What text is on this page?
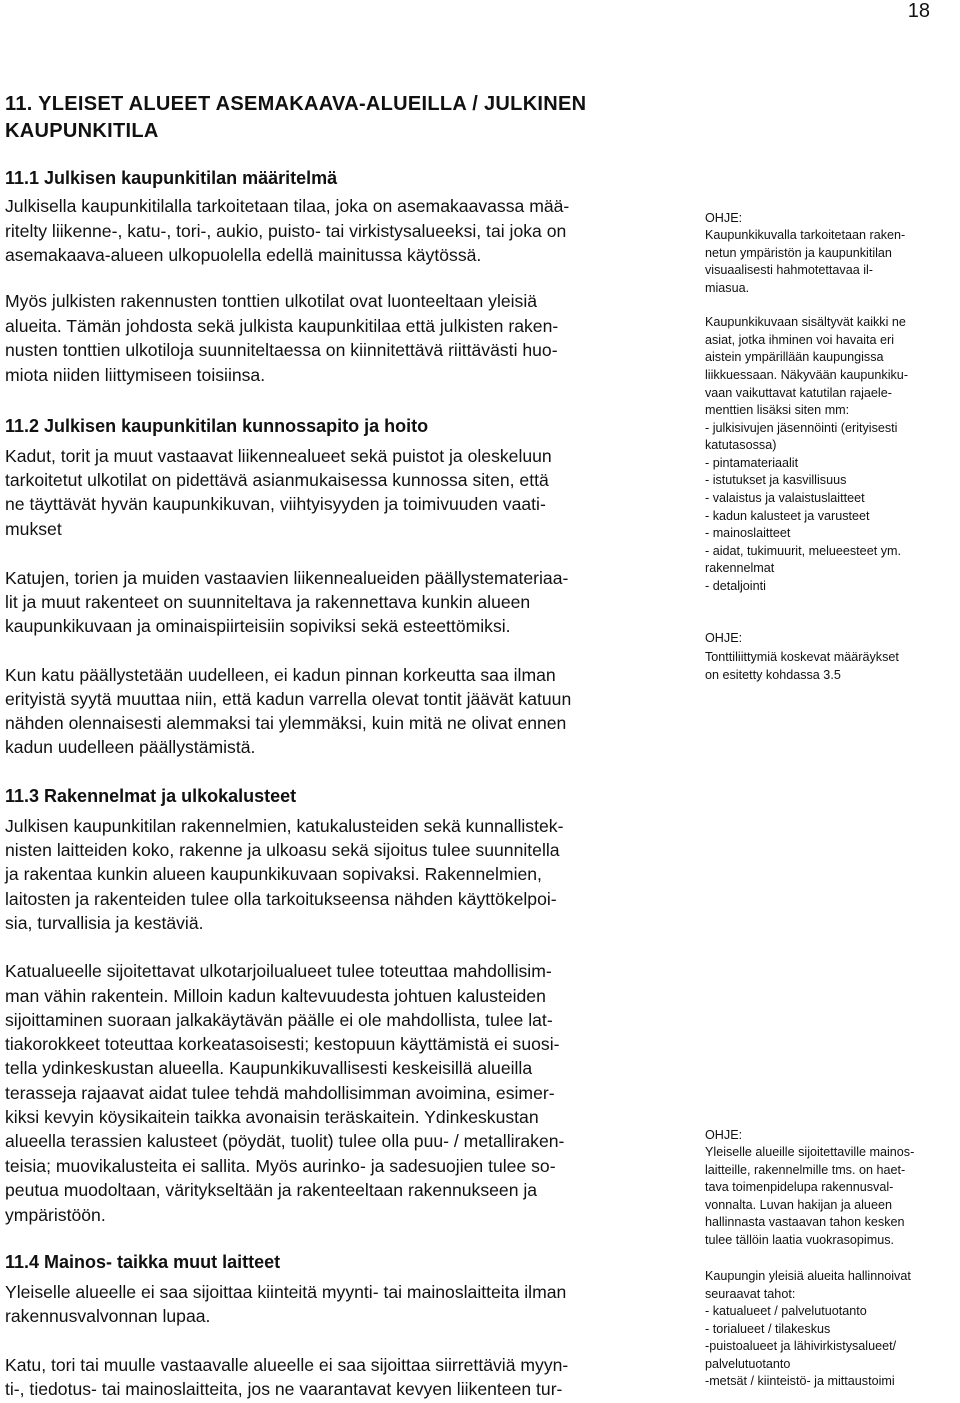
18
11. YLEISET ALUEET ASEMAKAAVA-ALUEILLA / JULKINEN
KAUPUNKITILA
11.1 Julkisen kaupunkitilan määritelmä
Julkisella kaupunkitilalla tarkoitetaan tilaa, joka on asemakaavassa mää-
ritelty liikenne-, katu-, tori-, aukio, puisto- tai virkistysalueeksi, tai joka on
asemakaava-alueen ulkopuolella edellä mainitussa käytössä.
Myös julkisten rakennusten tonttien ulkotilat ovat luonteeltaan yleisiä
alueita. Tämän johdosta sekä julkista kaupunkitilaa että julkisten raken-
nusten tonttien ulkotiloja suunniteltaessa on kiinnitettävä riittävästi huo-
miota niiden liittymiseen toisiinsa.
11.2 Julkisen kaupunkitilan kunnossapito ja hoito
Kadut, torit ja muut vastaavat liikennealueet sekä puistot ja oleskeluun
tarkoitetut ulkotilat on pidettävä asianmukaisessa kunnossa siten, että
ne täyttävät hyvän kaupunkikuvan, viihtyisyyden ja toimivuuden vaati-
mukset
Katujen, torien ja muiden vastaavien liikennealueiden päällystemateriaa-
lit ja muut rakenteet on suunniteltava ja rakennettava kunkin alueen
kaupunkikuvaan ja ominaispiirteisiin sopiviksi sekä esteettömiksi.
Kun katu päällystetään uudelleen, ei kadun pinnan korkeutta saa ilman
erityistä syytä muuttaa niin, että kadun varrella olevat tontit jäävät katuun
nähden olennaisesti alemmaksi tai ylemmäksi, kuin mitä ne olivat ennen
kadun uudelleen päällystämistä.
11.3 Rakennelmat ja ulkokalusteet
Julkisen kaupunkitilan rakennelmien, katukalusteiden sekä kunnallistek-
nisten laitteiden koko, rakenne ja ulkoasu sekä sijoitus tulee suunnitella
ja rakentaa kunkin alueen kaupunkikuvaan sopivaksi. Rakennelmien,
laitosten ja rakenteiden tulee olla tarkoitukseensa nähden käyttökelpoi-
sia, turvallisia ja kestäviä.
Katualueelle sijoitettavat ulkotarjoilualueet tulee toteuttaa mahdollisim-
man vähin rakentein. Milloin kadun kaltevuudesta johtuen kalusteiden
sijoittaminen suoraan jalkakäytävän päälle ei ole mahdollista, tulee lat-
tiakorokkeet toteuttaa korkeatasoisesti; kestopuun käyttämistä ei suosi-
tella ydinkeskustan alueella. Kaupunkikuvallisesti keskeisillä alueilla
terasseja rajaavat aidat tulee tehdä mahdollisimman avoimina, esimer-
kiksi kevyin köysikaitein taikka avonaisin teräskaitein. Ydinkeskustan
alueella terassien kalusteet (pöydät, tuolit) tulee olla puu- / metalliraken-
teisia; muovikalusteita ei sallita. Myös aurinko- ja sadesuojien tulee so-
peutua muodoltaan, väritykseltään ja rakenteeltaan rakennukseen ja
ympäristöön.
11.4 Mainos- taikka muut laitteet
Yleiselle alueelle ei saa sijoittaa kiinteitä myynti- tai mainoslaitteita ilman
rakennusvalvonnan lupaa.
Katu, tori tai muulle vastaavalle alueelle ei saa sijoittaa siirrettäviä myyn-
ti-, tiedotus- tai mainoslaitteita, jos ne vaarantavat kevyen liikenteen tur-
OHJE:
Kaupunkikuvalla tarkoitetaan raken-
netun ympäristön ja kaupunkitilan
visuaalisesti hahmotettavaa il-
miasua.
Kaupunkikuvaan sisältyvät kaikki ne
asiat, jotka ihminen voi havaita eri
aistein ympärillään kaupungissa
liikkuessaan. Näkyvään kaupunkiku-
vaan vaikuttavat katutilan rajaele-
menttien lisäksi siten mm:
- julkisivujen jäsennöinti (erityisesti
katutasossa)
- pintamateriaalit
- istutukset ja kasvillisuus
- valaistus ja valaistuslaitteet
- kadun kalusteet ja varusteet
- mainoslaitteet
- aidat, tukimuurit, melueesteet ym.
rakennelmat
- detaljointi
OHJE:
Tonttiliittymiä koskevat määräykset
on esitetty kohdassa 3.5
OHJE:
Yleiselle alueille sijoitettaville mainos-
laitteille, rakennelmille tms. on haet-
tava toimenpidelupa rakennusval-
vonnalta. Luvan hakijan ja alueen
hallinnasta vastaavan tahon kesken
tulee tällöin laatia vuokrasopimus.
Kaupungin yleisiä alueita hallinnoivat
seuraavat tahot:
- katualueet / palvelutuotanto
- torialueet / tilakeskus
-puistoalueet ja lähivirkistysalueet/
palvelutuotanto
-metsät / kiinteistö- ja mittaustoimi
